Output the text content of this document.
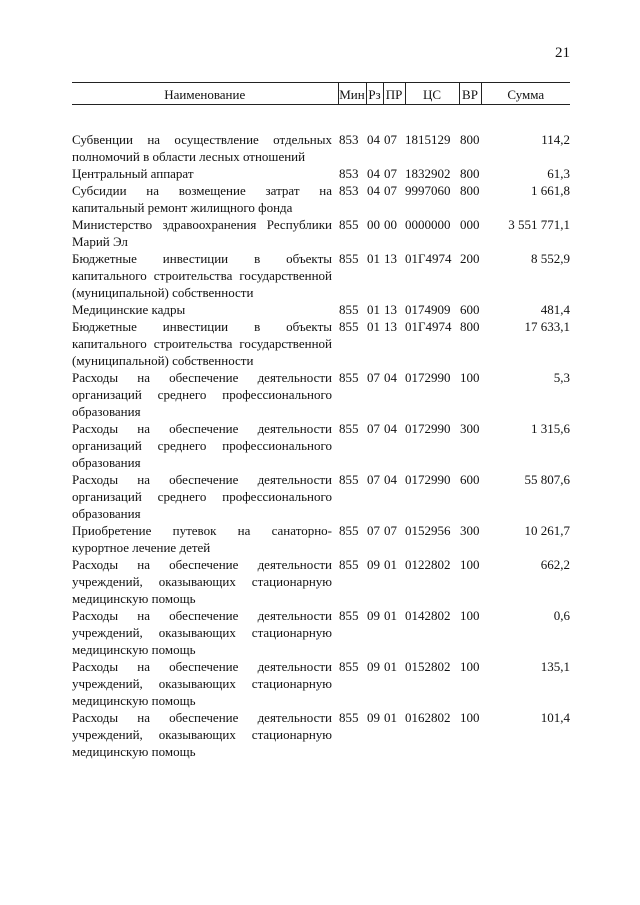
21
Наименование	Мин	Рз	ПР	ЦС	ВР	Сумма

Субвенции на осуществление отдельных полномочий в области лесных отношений	853	04	07	1815129	800	114,2
Центральный аппарат	853	04	07	1832902	800	61,3
Субсидии на возмещение затрат на капитальный ремонт жилищного фонда	853	04	07	9997060	800	1 661,8
Министерство здравоохранения Республики Марий Эл	855	00	00	0000000	000	3 551 771,1
Бюджетные инвестиции в объекты капитального строительства государственной (муниципальной) собственности	855	01	13	01Г4974	200	8 552,9
Медицинские кадры	855	01	13	0174909	600	481,4
Бюджетные инвестиции в объекты капитального строительства государственной (муниципальной) собственности	855	01	13	01Г4974	800	17 633,1
Расходы на обеспечение деятельности организаций среднего профессионального образования	855	07	04	0172990	100	5,3
Расходы на обеспечение деятельности организаций среднего профессионального образования	855	07	04	0172990	300	1 315,6
Расходы на обеспечение деятельности организаций среднего профессионального образования	855	07	04	0172990	600	55 807,6
Приобретение путевок на санаторно-курортное лечение детей	855	07	07	0152956	300	10 261,7
Расходы на обеспечение деятельности учреждений, оказывающих стационарную медицинскую помощь	855	09	01	0122802	100	662,2
Расходы на обеспечение деятельности учреждений, оказывающих стационарную медицинскую помощь	855	09	01	0142802	100	0,6
Расходы на обеспечение деятельности учреждений, оказывающих стационарную медицинскую помощь	855	09	01	0152802	100	135,1
Расходы на обеспечение деятельности учреждений, оказывающих стационарную медицинскую помощь	855	09	01	0162802	100	101,4
